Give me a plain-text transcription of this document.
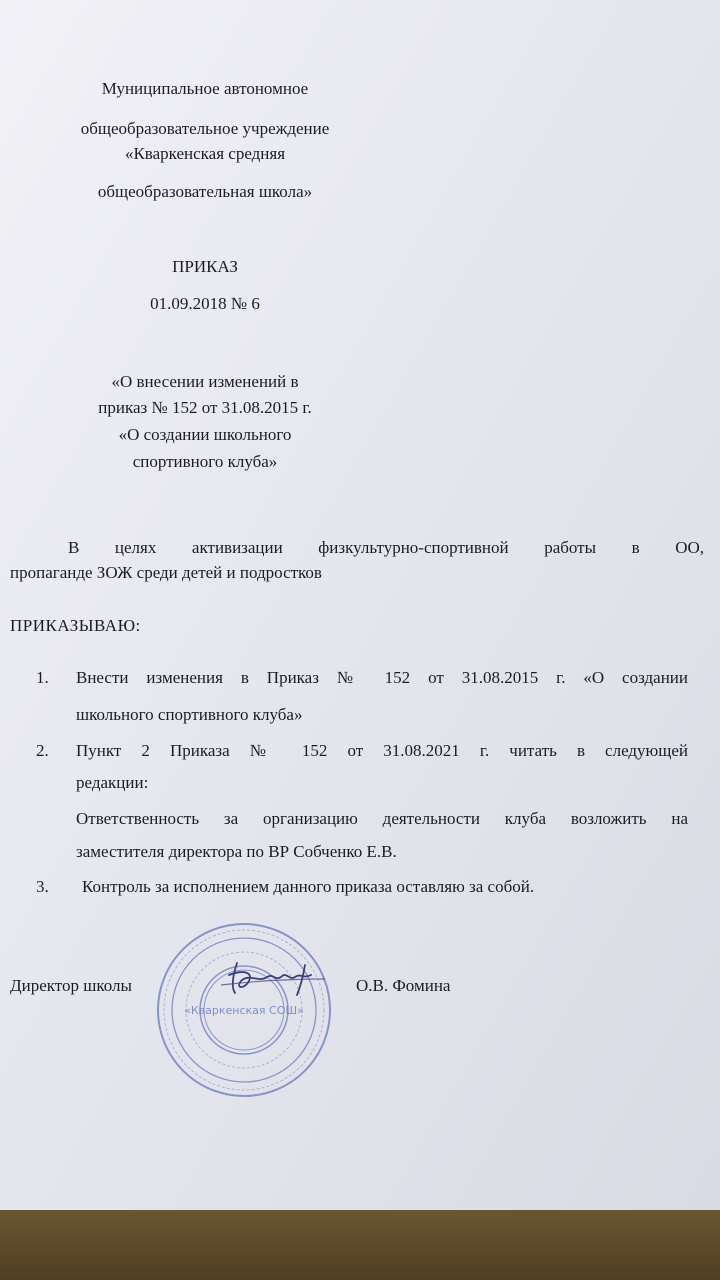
Муниципальное автономное
общеобразовательное учреждение
«Кваркенская средняя
общеобразовательная школа»
ПРИКАЗ
01.09.2018 № 6
«О внесении изменений в
приказ № 152 от 31.08.2015 г.
«О создании школьного
спортивного клуба»
В целях активизации физкультурно-спортивной работы в ОО,
пропаганде ЗОЖ среди детей и подростков
ПРИКАЗЫВАЮ:
1. Внести изменения в Приказ № 152 от 31.08.2015 г. «О создании
школьного спортивного клуба»
2. Пункт 2 Приказа № 152 от 31.08.2021 г. читать в следующей
редакции:
Ответственность за организацию деятельности клуба возложить на
заместителя директора по ВР Собченко Е.В.
3. Контроль за исполнением данного приказа оставляю за собой.
«Кваркенская СОШ»
Директор школы	О.В. Фомина
